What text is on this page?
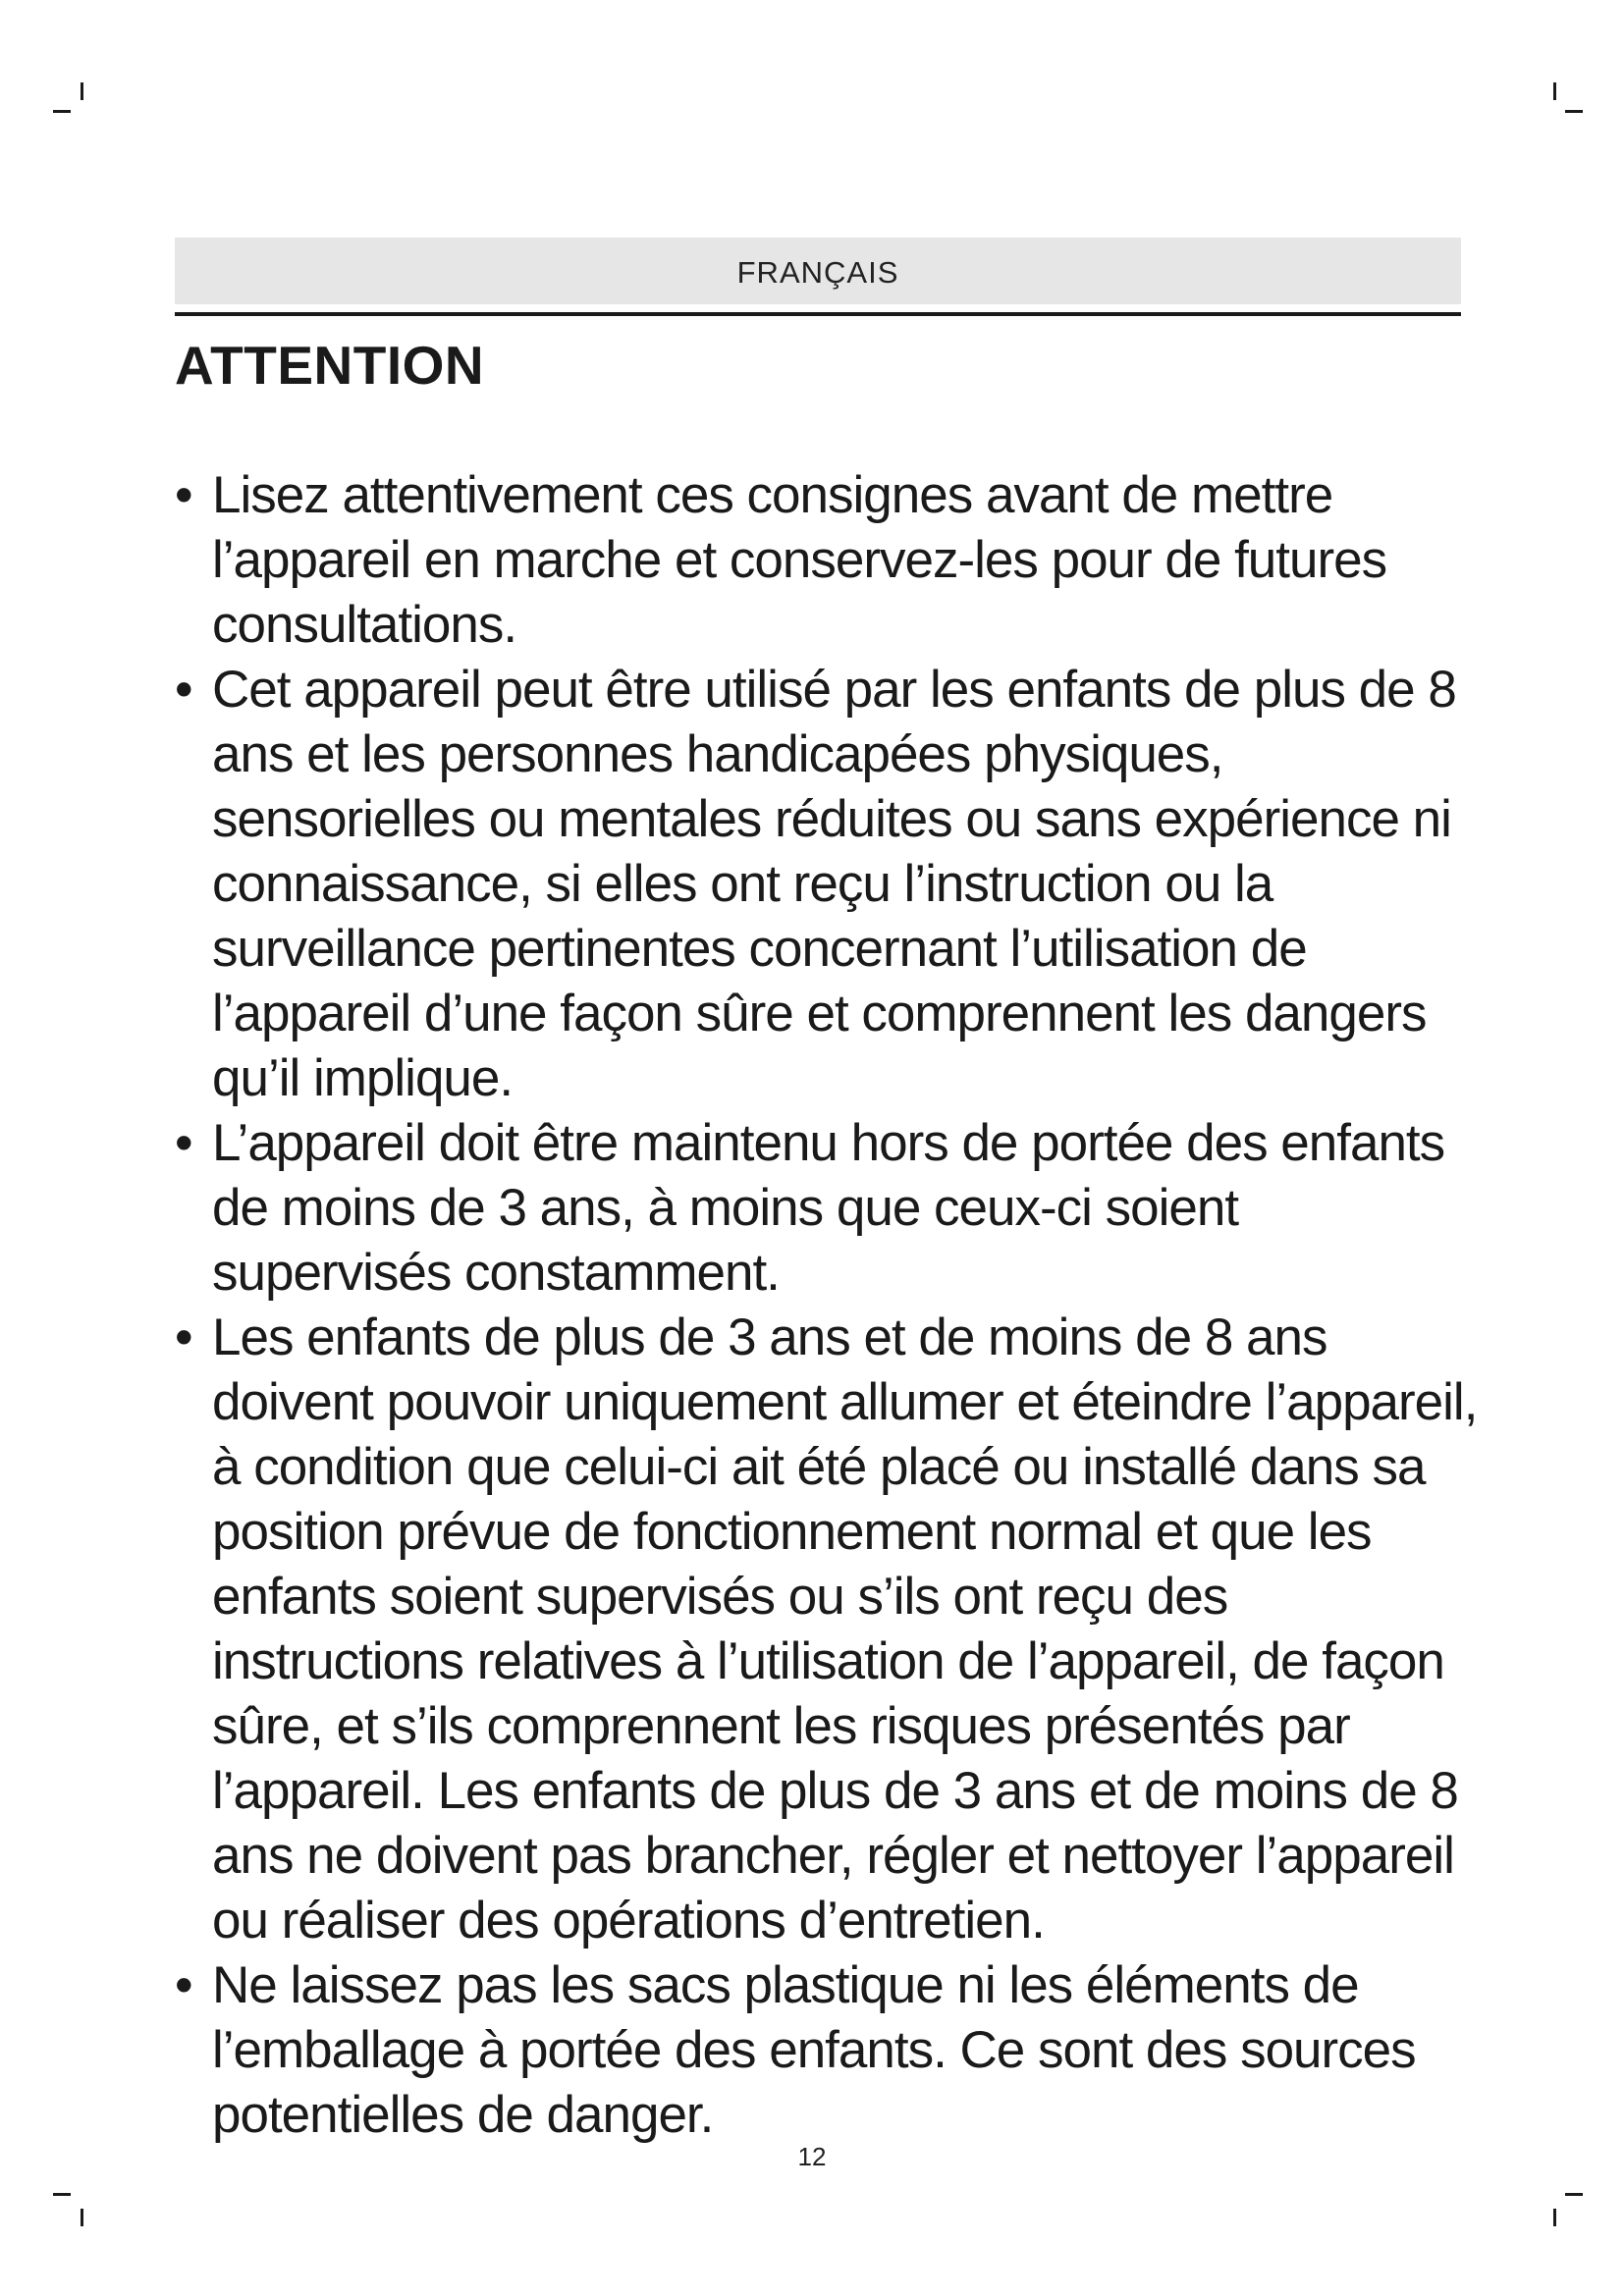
FRANÇAIS
ATTENTION
• Lisez attentivement ces consignes avant de mettre l’appareil en marche et conservez-les pour de futures consultations.
• Cet appareil peut être utilisé par les enfants de plus de 8 ans et les personnes handicapées physiques, sensorielles ou mentales réduites ou sans expérience ni connaissance, si elles ont reçu l’instruction ou la surveillance pertinentes concernant l’utilisation de l’appareil d’une façon sûre et comprennent les dangers qu’il implique.
• L’appareil doit être maintenu hors de portée des enfants de moins de 3 ans, à moins que ceux-ci soient supervisés constamment.
• Les enfants de plus de 3 ans et de moins de 8 ans doivent pouvoir uniquement allumer et éteindre l’appareil, à condition que celui-ci ait été placé ou installé dans sa position prévue de fonctionnement normal et que les enfants soient supervisés ou s’ils ont reçu des instructions relatives à l’utilisation de l’appareil, de façon sûre, et s’ils comprennent les risques présentés par l’appareil. Les enfants de plus de 3 ans et de moins de 8 ans ne doivent pas brancher, régler et nettoyer l’appareil ou réaliser des opérations d’entretien.
• Ne laissez pas les sacs plastique ni les éléments de l’emballage à portée des enfants. Ce sont des sources potentielles de danger.
12
